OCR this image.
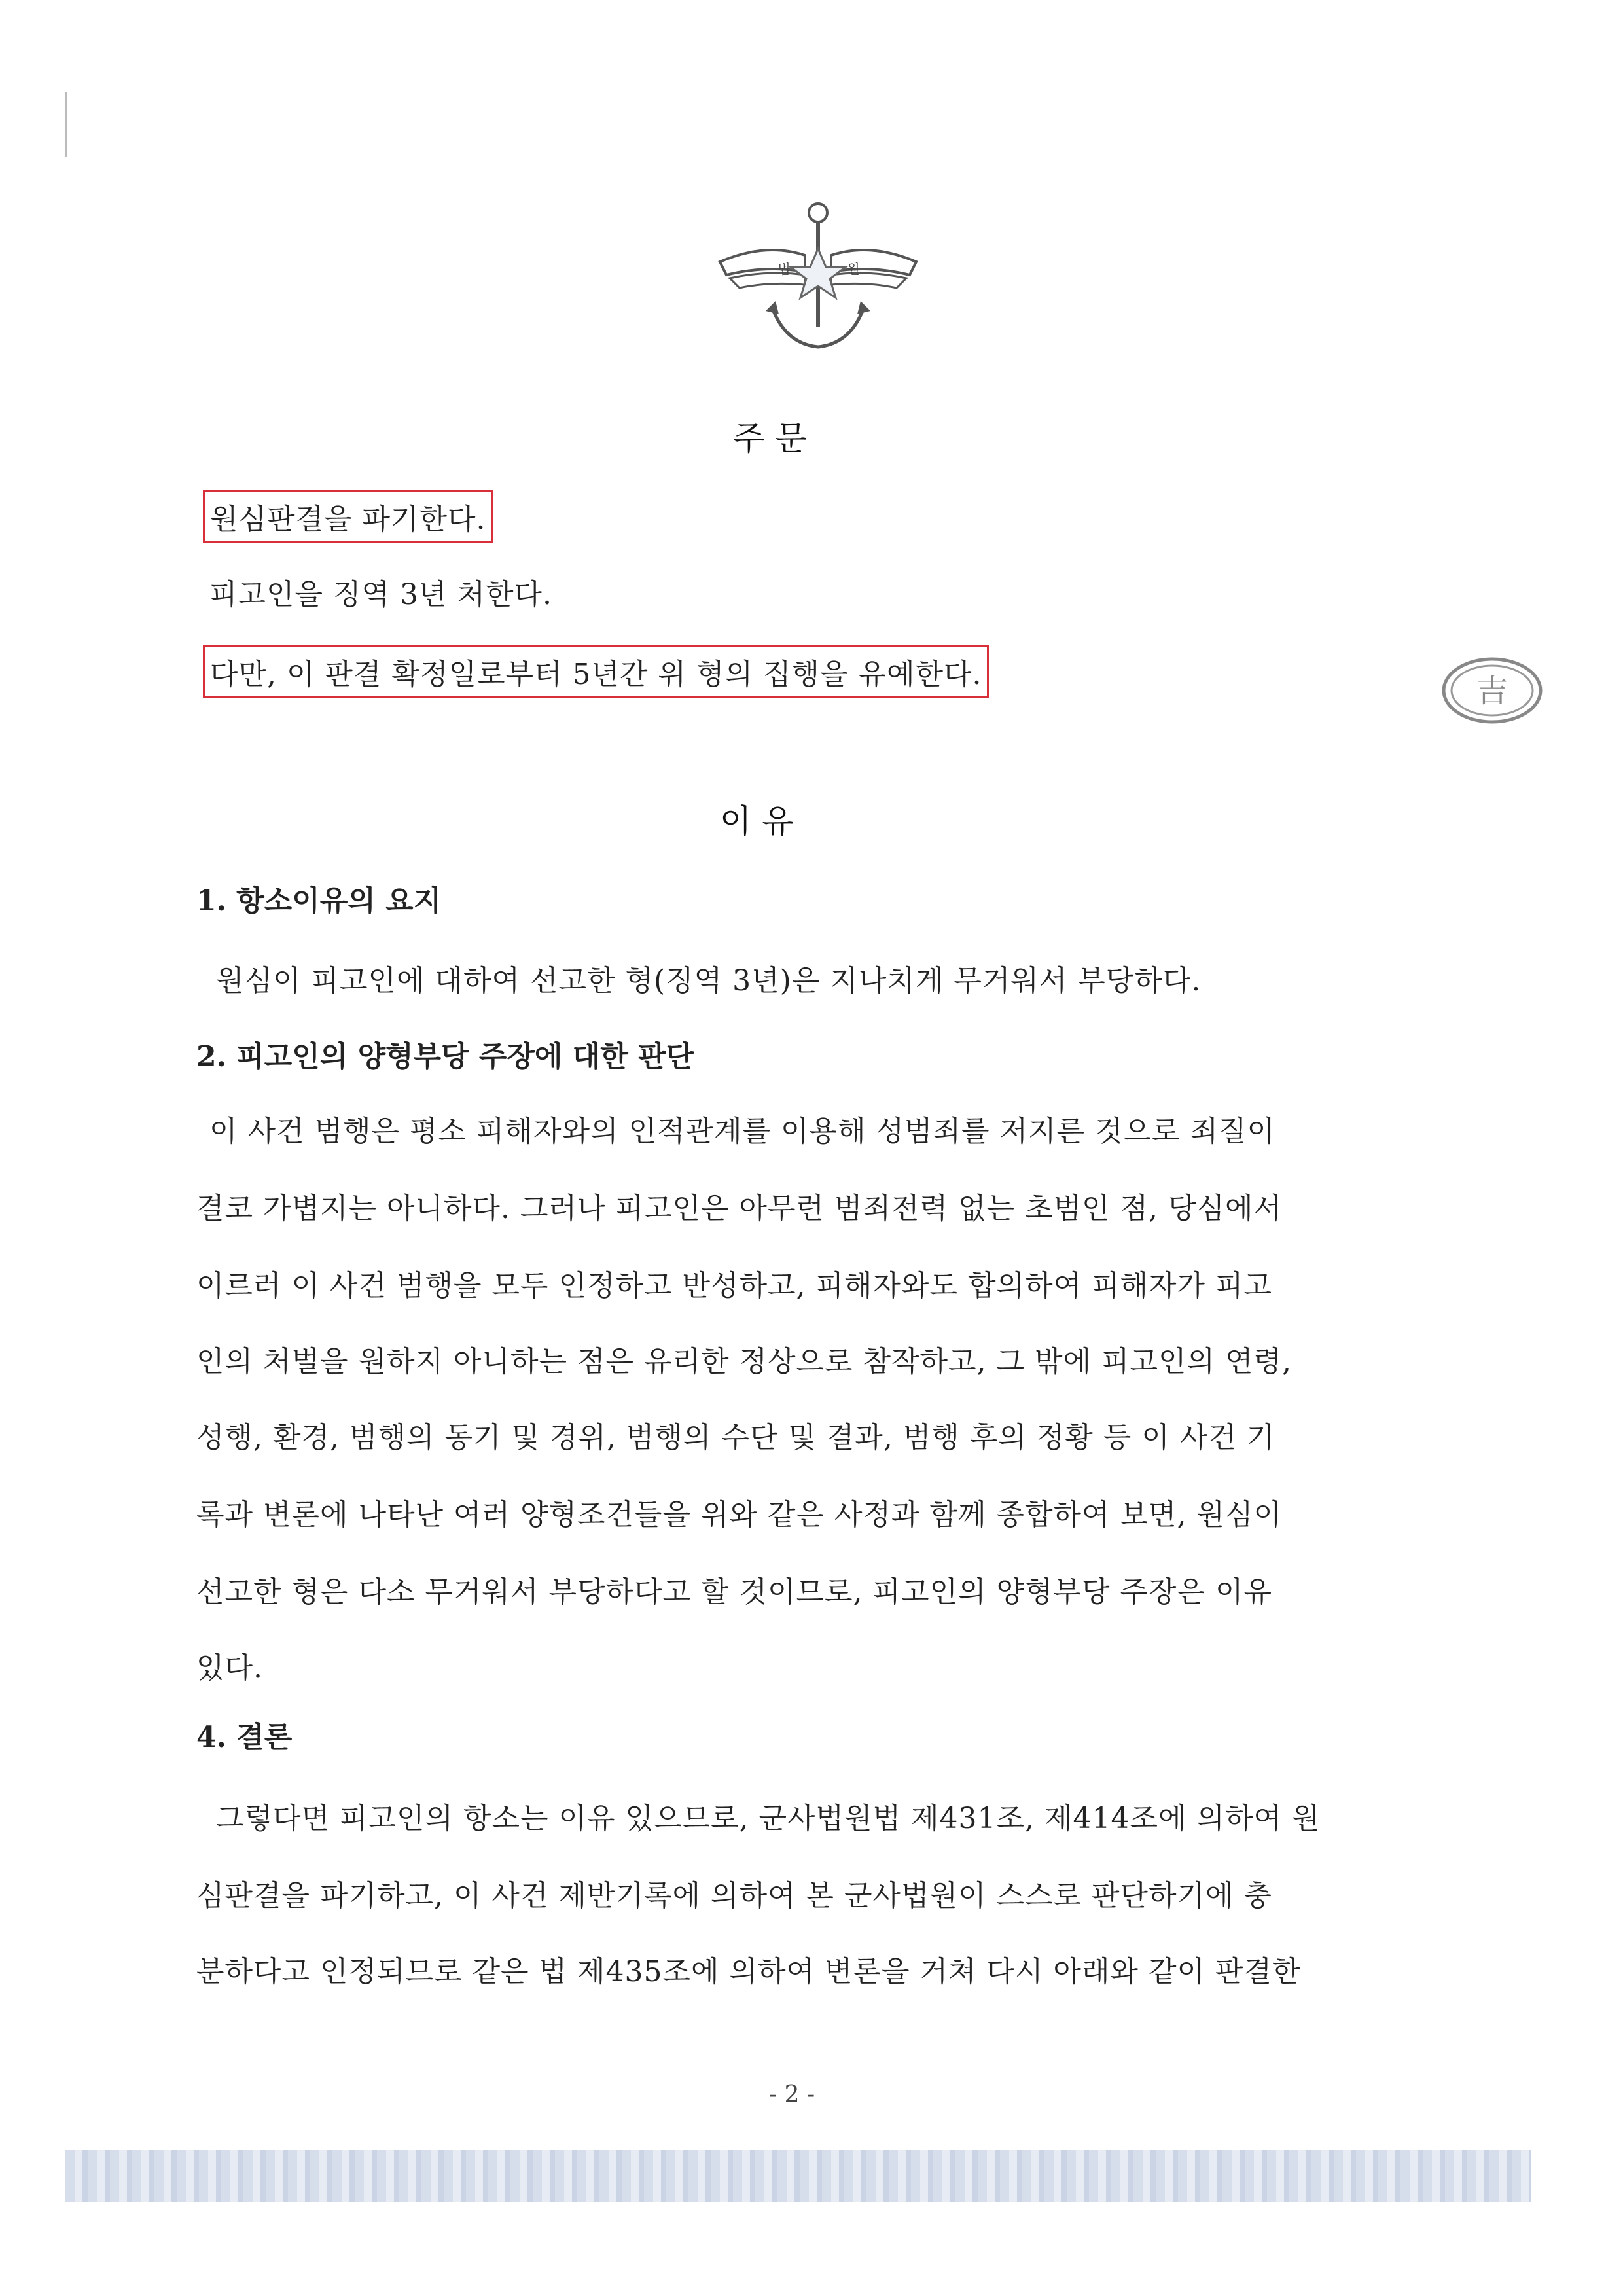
법	원
주 문
원심판결을 파기한다.
피고인을 징역 3년 처한다.
다만, 이 판결 확정일로부터 5년간 위 형의 집행을 유예한다.	吉
이 유
1. 항소이유의 요지
원심이 피고인에 대하여 선고한 형(징역 3년)은 지나치게 무거워서 부당하다.
2. 피고인의 양형부당 주장에 대한 판단
이 사건 범행은 평소 피해자와의 인적관계를 이용해 성범죄를 저지른 것으로 죄질이
결코 가볍지는 아니하다. 그러나 피고인은 아무런 범죄전력 없는 초범인 점, 당심에서
이르러 이 사건 범행을 모두 인정하고 반성하고, 피해자와도 합의하여 피해자가 피고
인의 처벌을 원하지 아니하는 점은 유리한 정상으로 참작하고, 그 밖에 피고인의 연령,
성행, 환경, 범행의 동기 및 경위, 범행의 수단 및 결과, 범행 후의 정황 등 이 사건 기
록과 변론에 나타난 여러 양형조건들을 위와 같은 사정과 함께 종합하여 보면, 원심이
선고한 형은 다소 무거워서 부당하다고 할 것이므로, 피고인의 양형부당 주장은 이유
있다.
4. 결론
그렇다면 피고인의 항소는 이유 있으므로, 군사법원법 제431조, 제414조에 의하여 원
심판결을 파기하고, 이 사건 제반기록에 의하여 본 군사법원이 스스로 판단하기에 충
분하다고 인정되므로 같은 법 제435조에 의하여 변론을 거쳐 다시 아래와 같이 판결한
- 2 -
